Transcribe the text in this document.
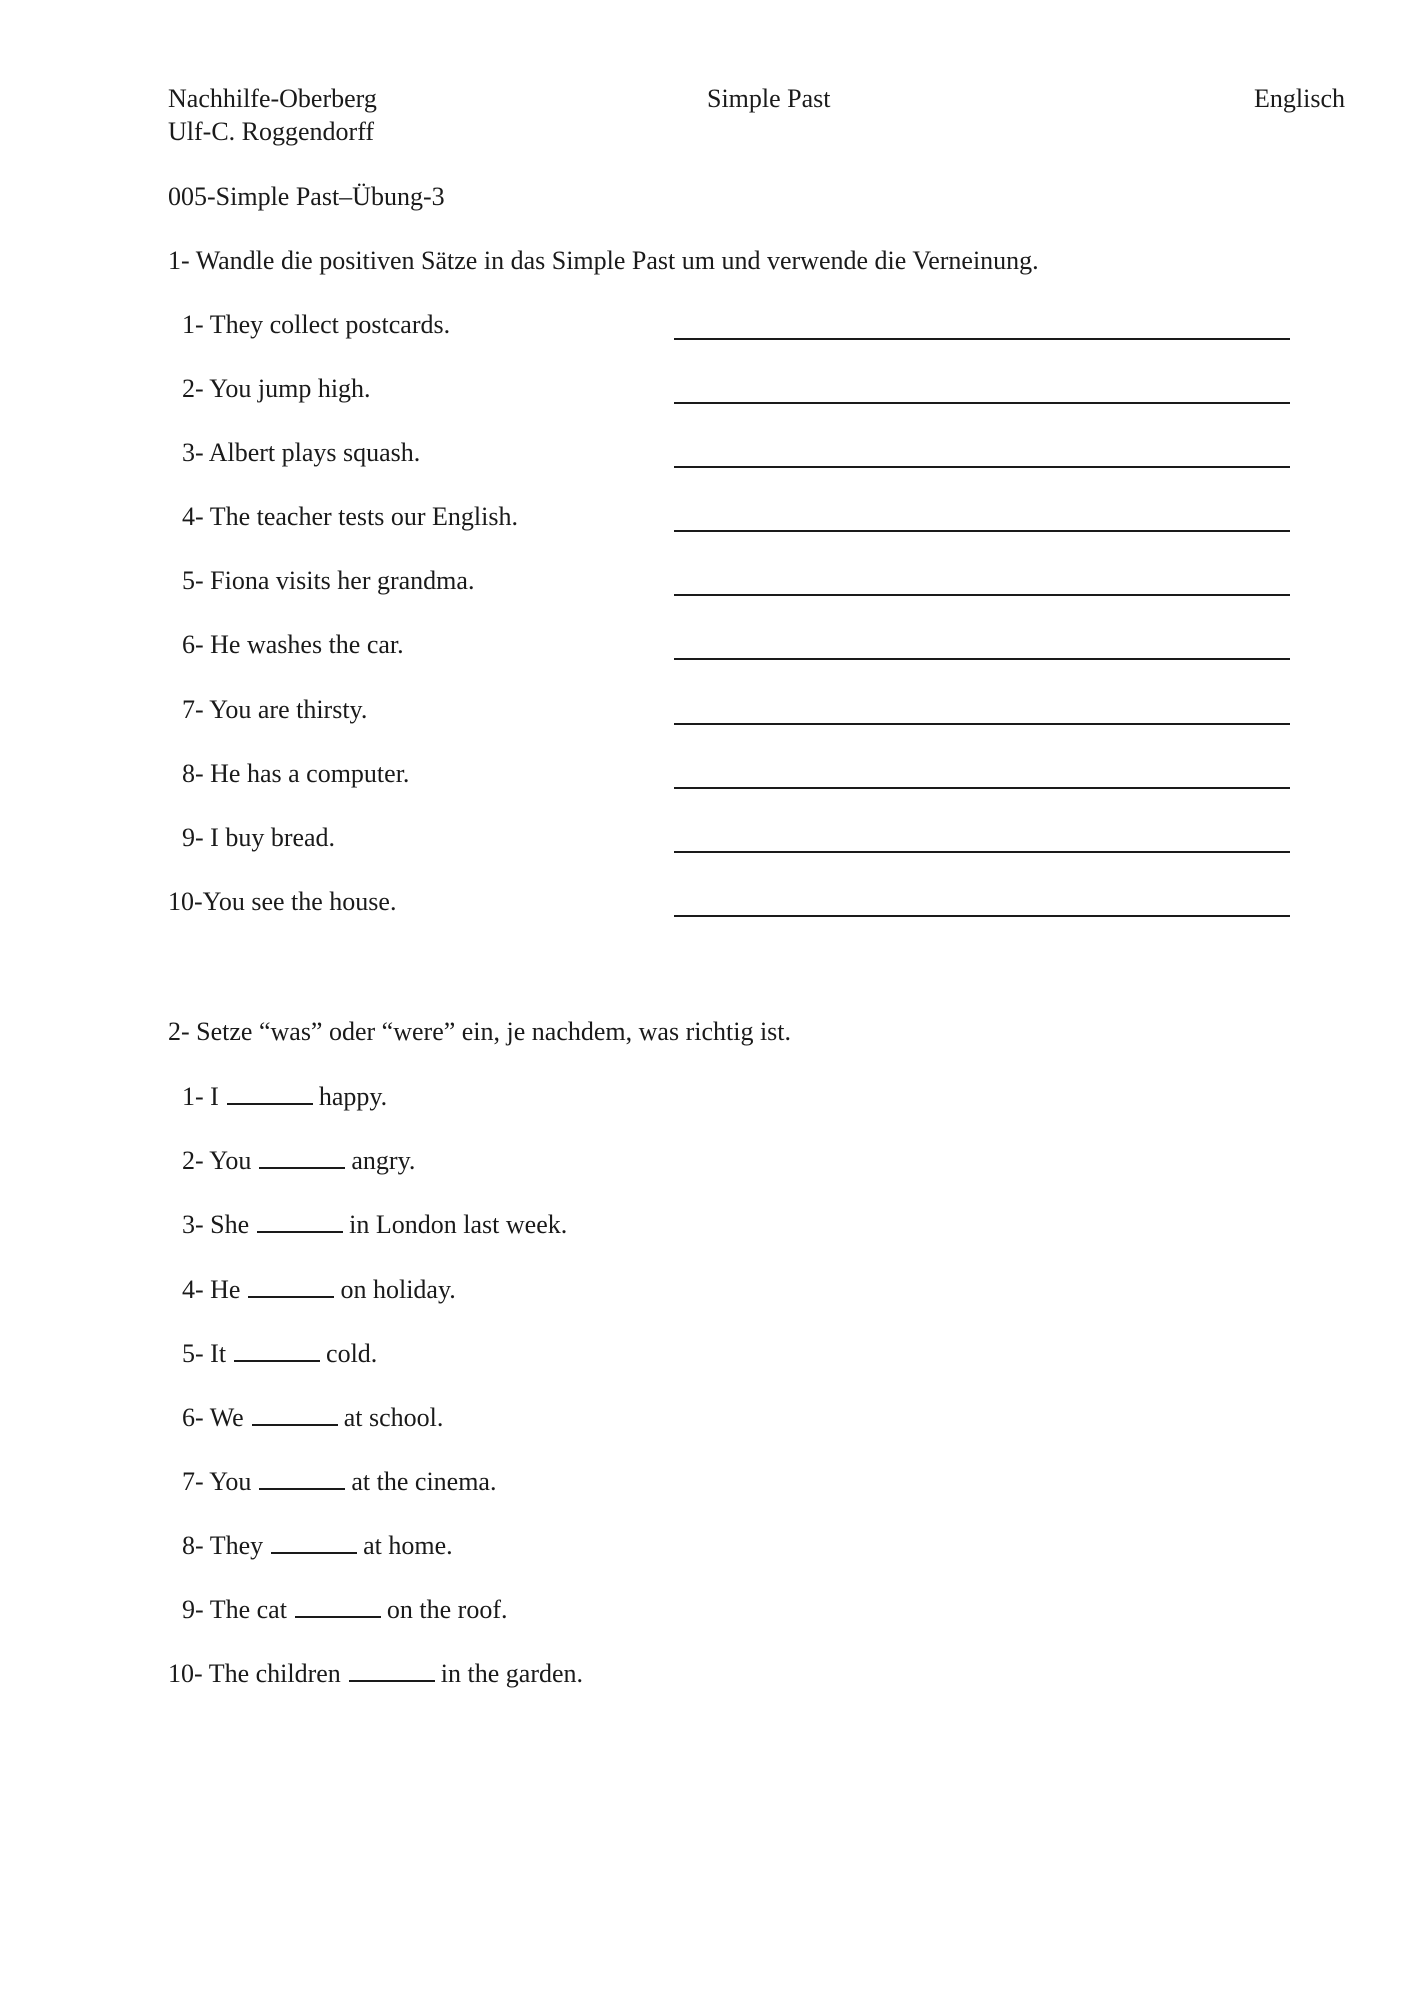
Nachhilfe-Oberberg
Ulf-C. Roggendorff
Simple Past	Englisch
005-Simple Past–Übung-3
1- Wandle die positiven Sätze in das Simple Past um und verwende die Verneinung.
1- They collect postcards.
2- You jump high.
3- Albert plays squash.
4- The teacher tests our English.
5- Fiona visits her grandma.
6- He washes the car.
7- You are thirsty.
8- He has a computer.
9- I buy bread.
10-You see the house.
2- Setze “was” oder “were” ein, je nachdem, was richtig ist.
1- I	happy.
2- You	angry.
3- She	in London last week.
4- He	on holiday.
5- It	cold.
6- We	at school.
7- You	at the cinema.
8- They	at home.
9- The cat	on the roof.
10- The children	in the garden.
